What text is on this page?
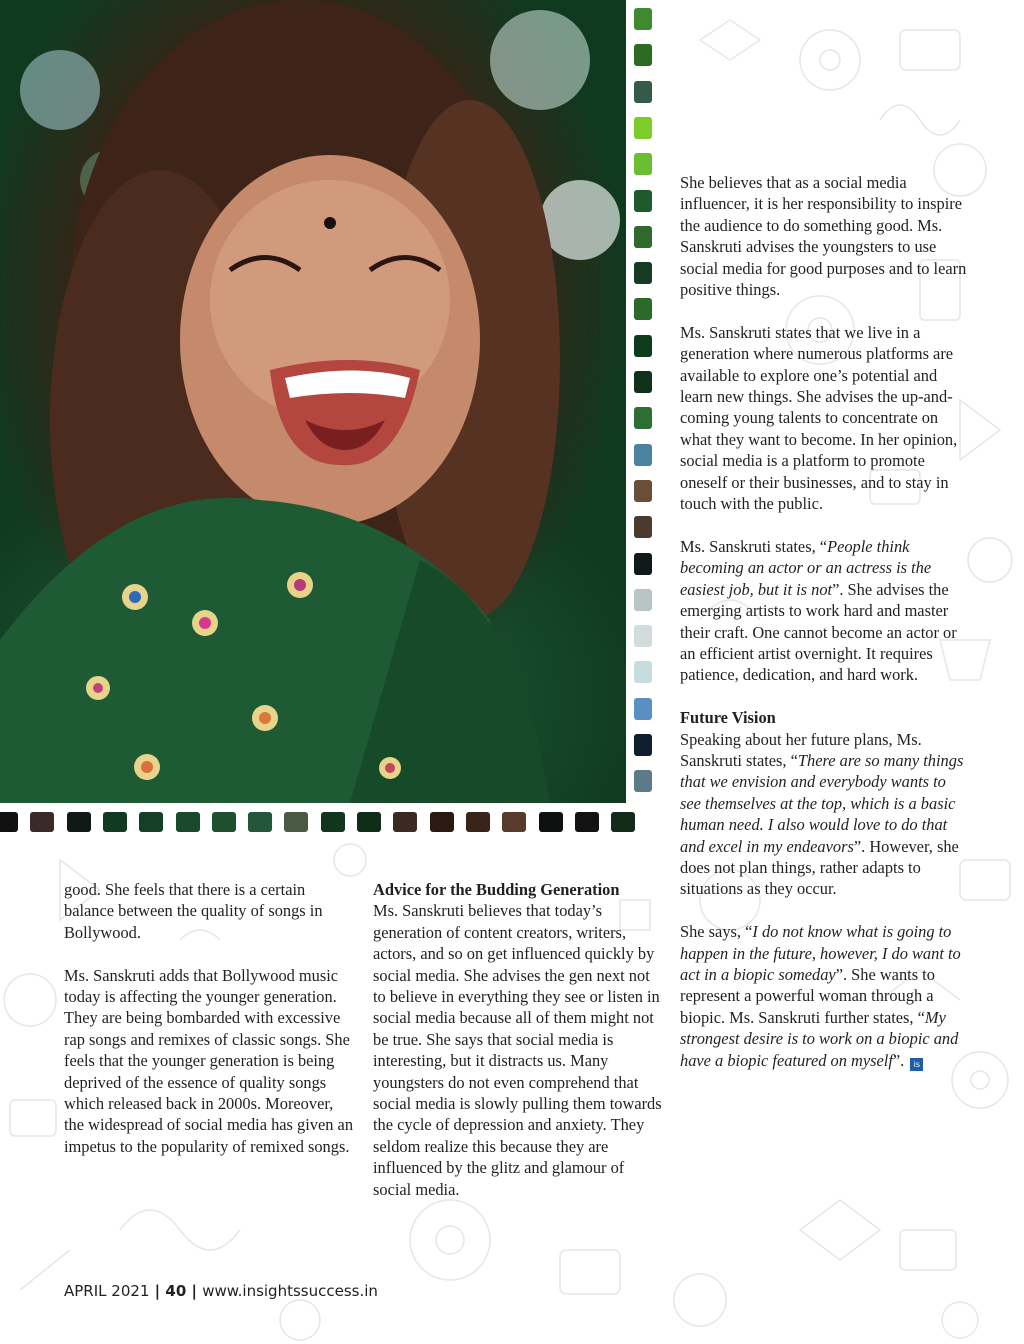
She believes that as a social media influencer, it is her responsibility to inspire the audience to do something good. Ms. Sanskruti advises the youngsters to use social media for good purposes and to learn positive things.

Ms. Sanskruti states that we live in a generation where numerous platforms are available to explore one’s potential and learn new things. She advises the up-and-coming young talents to concentrate on what they want to become. In her opinion, social media is a platform to promote oneself or their businesses, and to stay in touch with the public.

Ms. Sanskruti states, “People think becoming an actor or an actress is the easiest job, but it is not”. She advises the emerging artists to work hard and master their craft. One cannot become an actor or an efficient artist overnight. It requires patience, dedication, and hard work.

Future Vision

Speaking about her future plans, Ms. Sanskruti states, “There are so many things that we envision and everybody wants to see themselves at the top, which is a basic human need. I also would love to do that and excel in my endeavors”. However, she does not plan things, rather adapts to situations as they occur.

She says, “I do not know what is going to happen in the future, however, I do want to act in a biopic someday”. She wants to represent a powerful woman through a biopic. Ms. Sanskruti further states, “My strongest desire is to work on a biopic and have a biopic featured on myself”. is

good. She feels that there is a certain balance between the quality of songs in Bollywood.

Ms. Sanskruti adds that Bollywood music today is affecting the younger generation. They are being bombarded with excessive rap songs and remixes of classic songs. She feels that the younger generation is being deprived of the essence of quality songs which released back in 2000s. Moreover, the widespread of social media has given an impetus to the popularity of remixed songs.

Advice for the Budding Generation

Ms. Sanskruti believes that today’s generation of content creators, writers, actors, and so on get influenced quickly by social media. She advises the gen next not to believe in everything they see or listen in social media because all of them might not be true. She says that social media is interesting, but it distracts us. Many youngsters do not even comprehend that social media is slowly pulling them towards the cycle of depression and anxiety. They seldom realize this because they are influenced by the glitz and glamour of social media.

APRIL 2021 | 40 | www.insightssuccess.in
